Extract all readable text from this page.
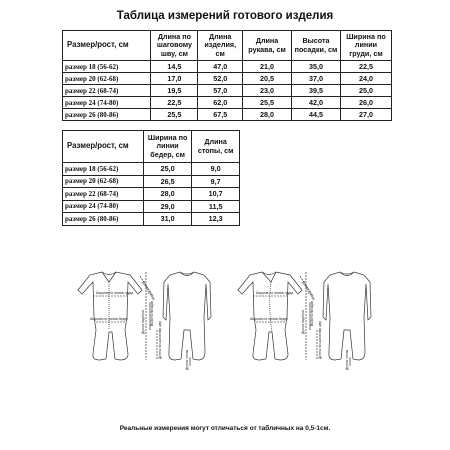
Таблица измерений готового изделия
Размер/рост, см	Длина по шаговому шву, см	Длина изделия, см	Длина рукава, см	Высота посадки, см	Ширина по линии груди, см
размер 18 (56-62)	14,5	47,0	21,0	35,0	22,5
размер 20 (62-68)	17,0	52,0	20,5	37,0	24,0
размер 22 (68-74)	19,5	57,0	23,0	39,5	25,0
размер 24 (74-80)	22,5	62,0	25,5	42,0	26,0
размер 26 (80-86)	25,5	67,5	28,0	44,5	27,0
Размер/рост, см	Ширина по линии бедер, см	Длина стопы, см
размер 18 (56-62)	25,0	9,0
размер 20 (62-68)	26,5	9,7
размер 22 (68-74)	28,0	10,7
размер 24 (74-80)	29,0	11,5
размер 26 (80-86)	31,0	12,3
Ширина по линии груди
Ширина по линии бедер	Длина изделия
Длина рукава
Высота посадки
Длина по шаговому шву
Длина стопы
Ширина по линии груди
Ширина по линии бедер	Длина изделия
Длина рукава
Высота посадки
Длина по шаговому шву
Длина стопы
Реальные измерения могут отличаться от табличных на 0,5-1см.
